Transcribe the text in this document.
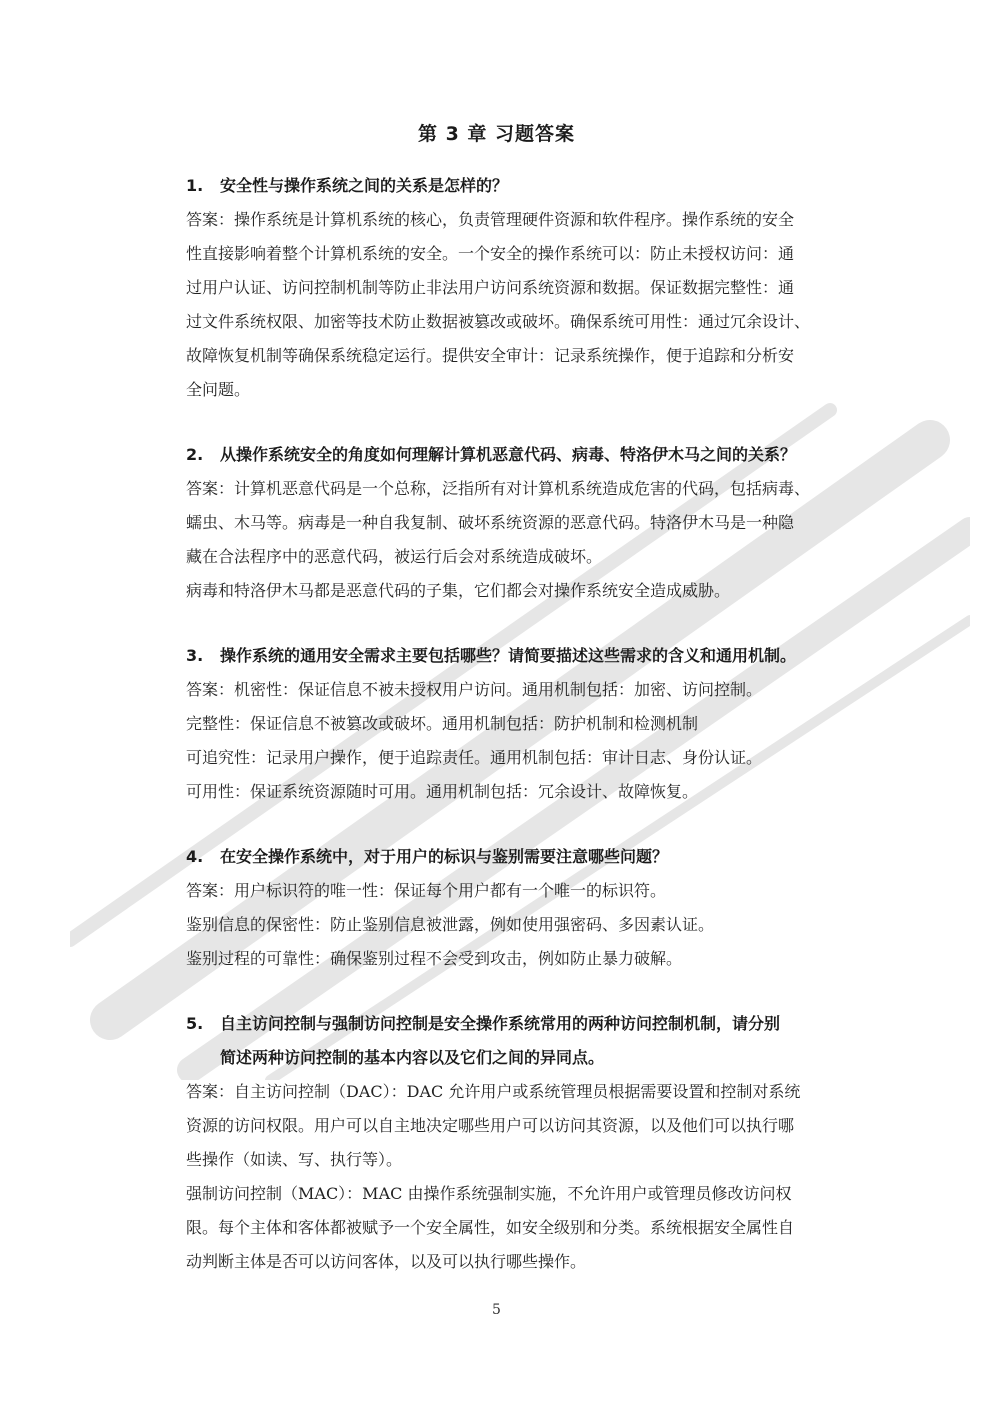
第 3 章 习题答案
1. 安全性与操作系统之间的关系是怎样的？
答案：操作系统是计算机系统的核心，负责管理硬件资源和软件程序。操作系统的安全
性直接影响着整个计算机系统的安全。一个安全的操作系统可以：防止未授权访问：通
过用户认证、访问控制机制等防止非法用户访问系统资源和数据。保证数据完整性：通
过文件系统权限、加密等技术防止数据被篡改或破坏。确保系统可用性：通过冗余设计、
故障恢复机制等确保系统稳定运行。提供安全审计：记录系统操作，便于追踪和分析安
全问题。
2. 从操作系统安全的角度如何理解计算机恶意代码、病毒、特洛伊木马之间的关系？
答案：计算机恶意代码是一个总称，泛指所有对计算机系统造成危害的代码，包括病毒、
蠕虫、木马等。病毒是一种自我复制、破坏系统资源的恶意代码。特洛伊木马是一种隐
藏在合法程序中的恶意代码，被运行后会对系统造成破坏。
病毒和特洛伊木马都是恶意代码的子集，它们都会对操作系统安全造成威胁。
3. 操作系统的通用安全需求主要包括哪些？请简要描述这些需求的含义和通用机制。
答案：机密性：保证信息不被未授权用户访问。通用机制包括：加密、访问控制。
完整性：保证信息不被篡改或破坏。通用机制包括：防护机制和检测机制
可追究性：记录用户操作，便于追踪责任。通用机制包括：审计日志、身份认证。
可用性：保证系统资源随时可用。通用机制包括：冗余设计、故障恢复。
4. 在安全操作系统中，对于用户的标识与鉴别需要注意哪些问题？
答案：用户标识符的唯一性：保证每个用户都有一个唯一的标识符。
鉴别信息的保密性：防止鉴别信息被泄露，例如使用强密码、多因素认证。
鉴别过程的可靠性：确保鉴别过程不会受到攻击，例如防止暴力破解。
5. 自主访问控制与强制访问控制是安全操作系统常用的两种访问控制机制，请分别
简述两种访问控制的基本内容以及它们之间的异同点。
答案：自主访问控制（DAC）：DAC 允许用户或系统管理员根据需要设置和控制对系统
资源的访问权限。用户可以自主地决定哪些用户可以访问其资源，以及他们可以执行哪
些操作（如读、写、执行等）。
强制访问控制（MAC）：MAC 由操作系统强制实施，不允许用户或管理员修改访问权
限。每个主体和客体都被赋予一个安全属性，如安全级别和分类。系统根据安全属性自
动判断主体是否可以访问客体，以及可以执行哪些操作。
5
